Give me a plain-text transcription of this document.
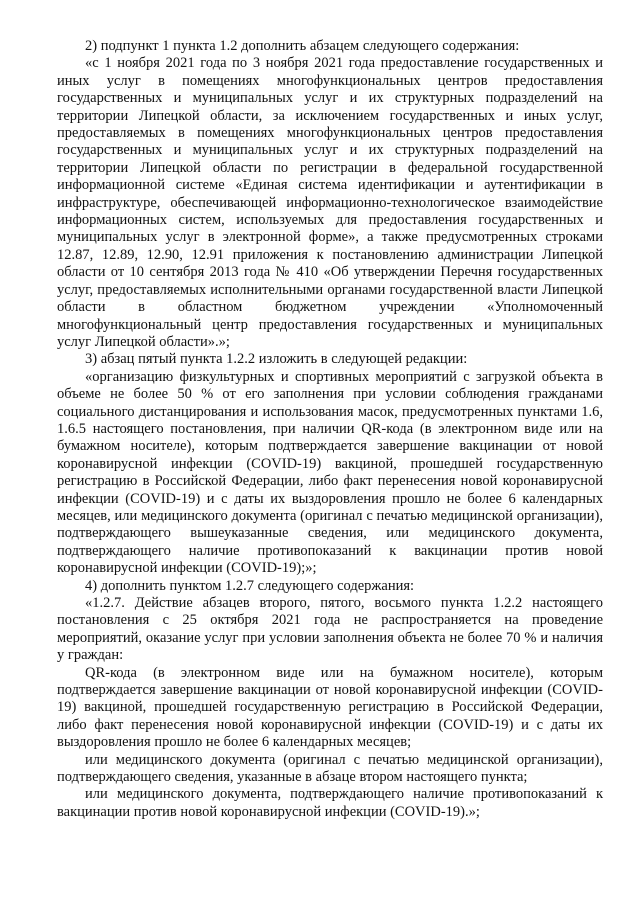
2) подпункт 1 пункта 1.2 дополнить абзацем следующего содержания:

«с 1 ноября 2021 года по 3 ноября 2021 года предоставление государственных и иных услуг в помещениях многофункциональных центров предоставления государственных и муниципальных услуг и их структурных подразделений на территории Липецкой области, за исключением государственных и иных услуг, предоставляемых в помещениях многофункциональных центров предоставления государственных и муниципальных услуг и их структурных подразделений на территории Липецкой области по регистрации в федеральной государственной информационной системе «Единая система идентификации и аутентификации в инфраструктуре, обеспечивающей информационно-технологическое взаимодействие информационных систем, используемых для предоставления государственных и муниципальных услуг в электронной форме», а также предусмотренных строками 12.87, 12.89, 12.90, 12.91 приложения к постановлению администрации Липецкой области от 10 сентября 2013 года № 410 «Об утверждении Перечня государственных услуг, предоставляемых исполнительными органами государственной власти Липецкой области в областном бюджетном учреждении «Уполномоченный многофункциональный центр предоставления государственных и муниципальных услуг Липецкой области».»;

3) абзац пятый пункта 1.2.2 изложить в следующей редакции:

«организацию физкультурных и спортивных мероприятий с загрузкой объекта в объеме не более 50 % от его заполнения при условии соблюдения гражданами социального дистанцирования и использования масок, предусмотренных пунктами 1.6, 1.6.5 настоящего постановления, при наличии QR-кода (в электронном виде или на бумажном носителе), которым подтверждается завершение вакцинации от новой коронавирусной инфекции (COVID-19) вакциной, прошедшей государственную регистрацию в Российской Федерации, либо факт перенесения новой коронавирусной инфекции (COVID-19) и с даты их выздоровления прошло не более 6 календарных месяцев, или медицинского документа (оригинал с печатью медицинской организации), подтверждающего вышеуказанные сведения, или медицинского документа, подтверждающего наличие противопоказаний к вакцинации против новой коронавирусной инфекции (COVID-19);»;

4) дополнить пунктом 1.2.7 следующего содержания:

«1.2.7. Действие абзацев второго, пятого, восьмого пункта 1.2.2 настоящего постановления с 25 октября 2021 года не распространяется на проведение мероприятий, оказание услуг при условии заполнения объекта не более 70 % и наличия у граждан:

QR-кода (в электронном виде или на бумажном носителе), которым подтверждается завершение вакцинации от новой коронавирусной инфекции (COVID-19) вакциной, прошедшей государственную регистрацию в Российской Федерации, либо факт перенесения новой коронавирусной инфекции (COVID-19) и с даты их выздоровления прошло не более 6 календарных месяцев;

или медицинского документа (оригинал с печатью медицинской организации), подтверждающего сведения, указанные в абзаце втором настоящего пункта;

или медицинского документа, подтверждающего наличие противопоказаний к вакцинации против новой коронавирусной инфекции (COVID-19).»;
